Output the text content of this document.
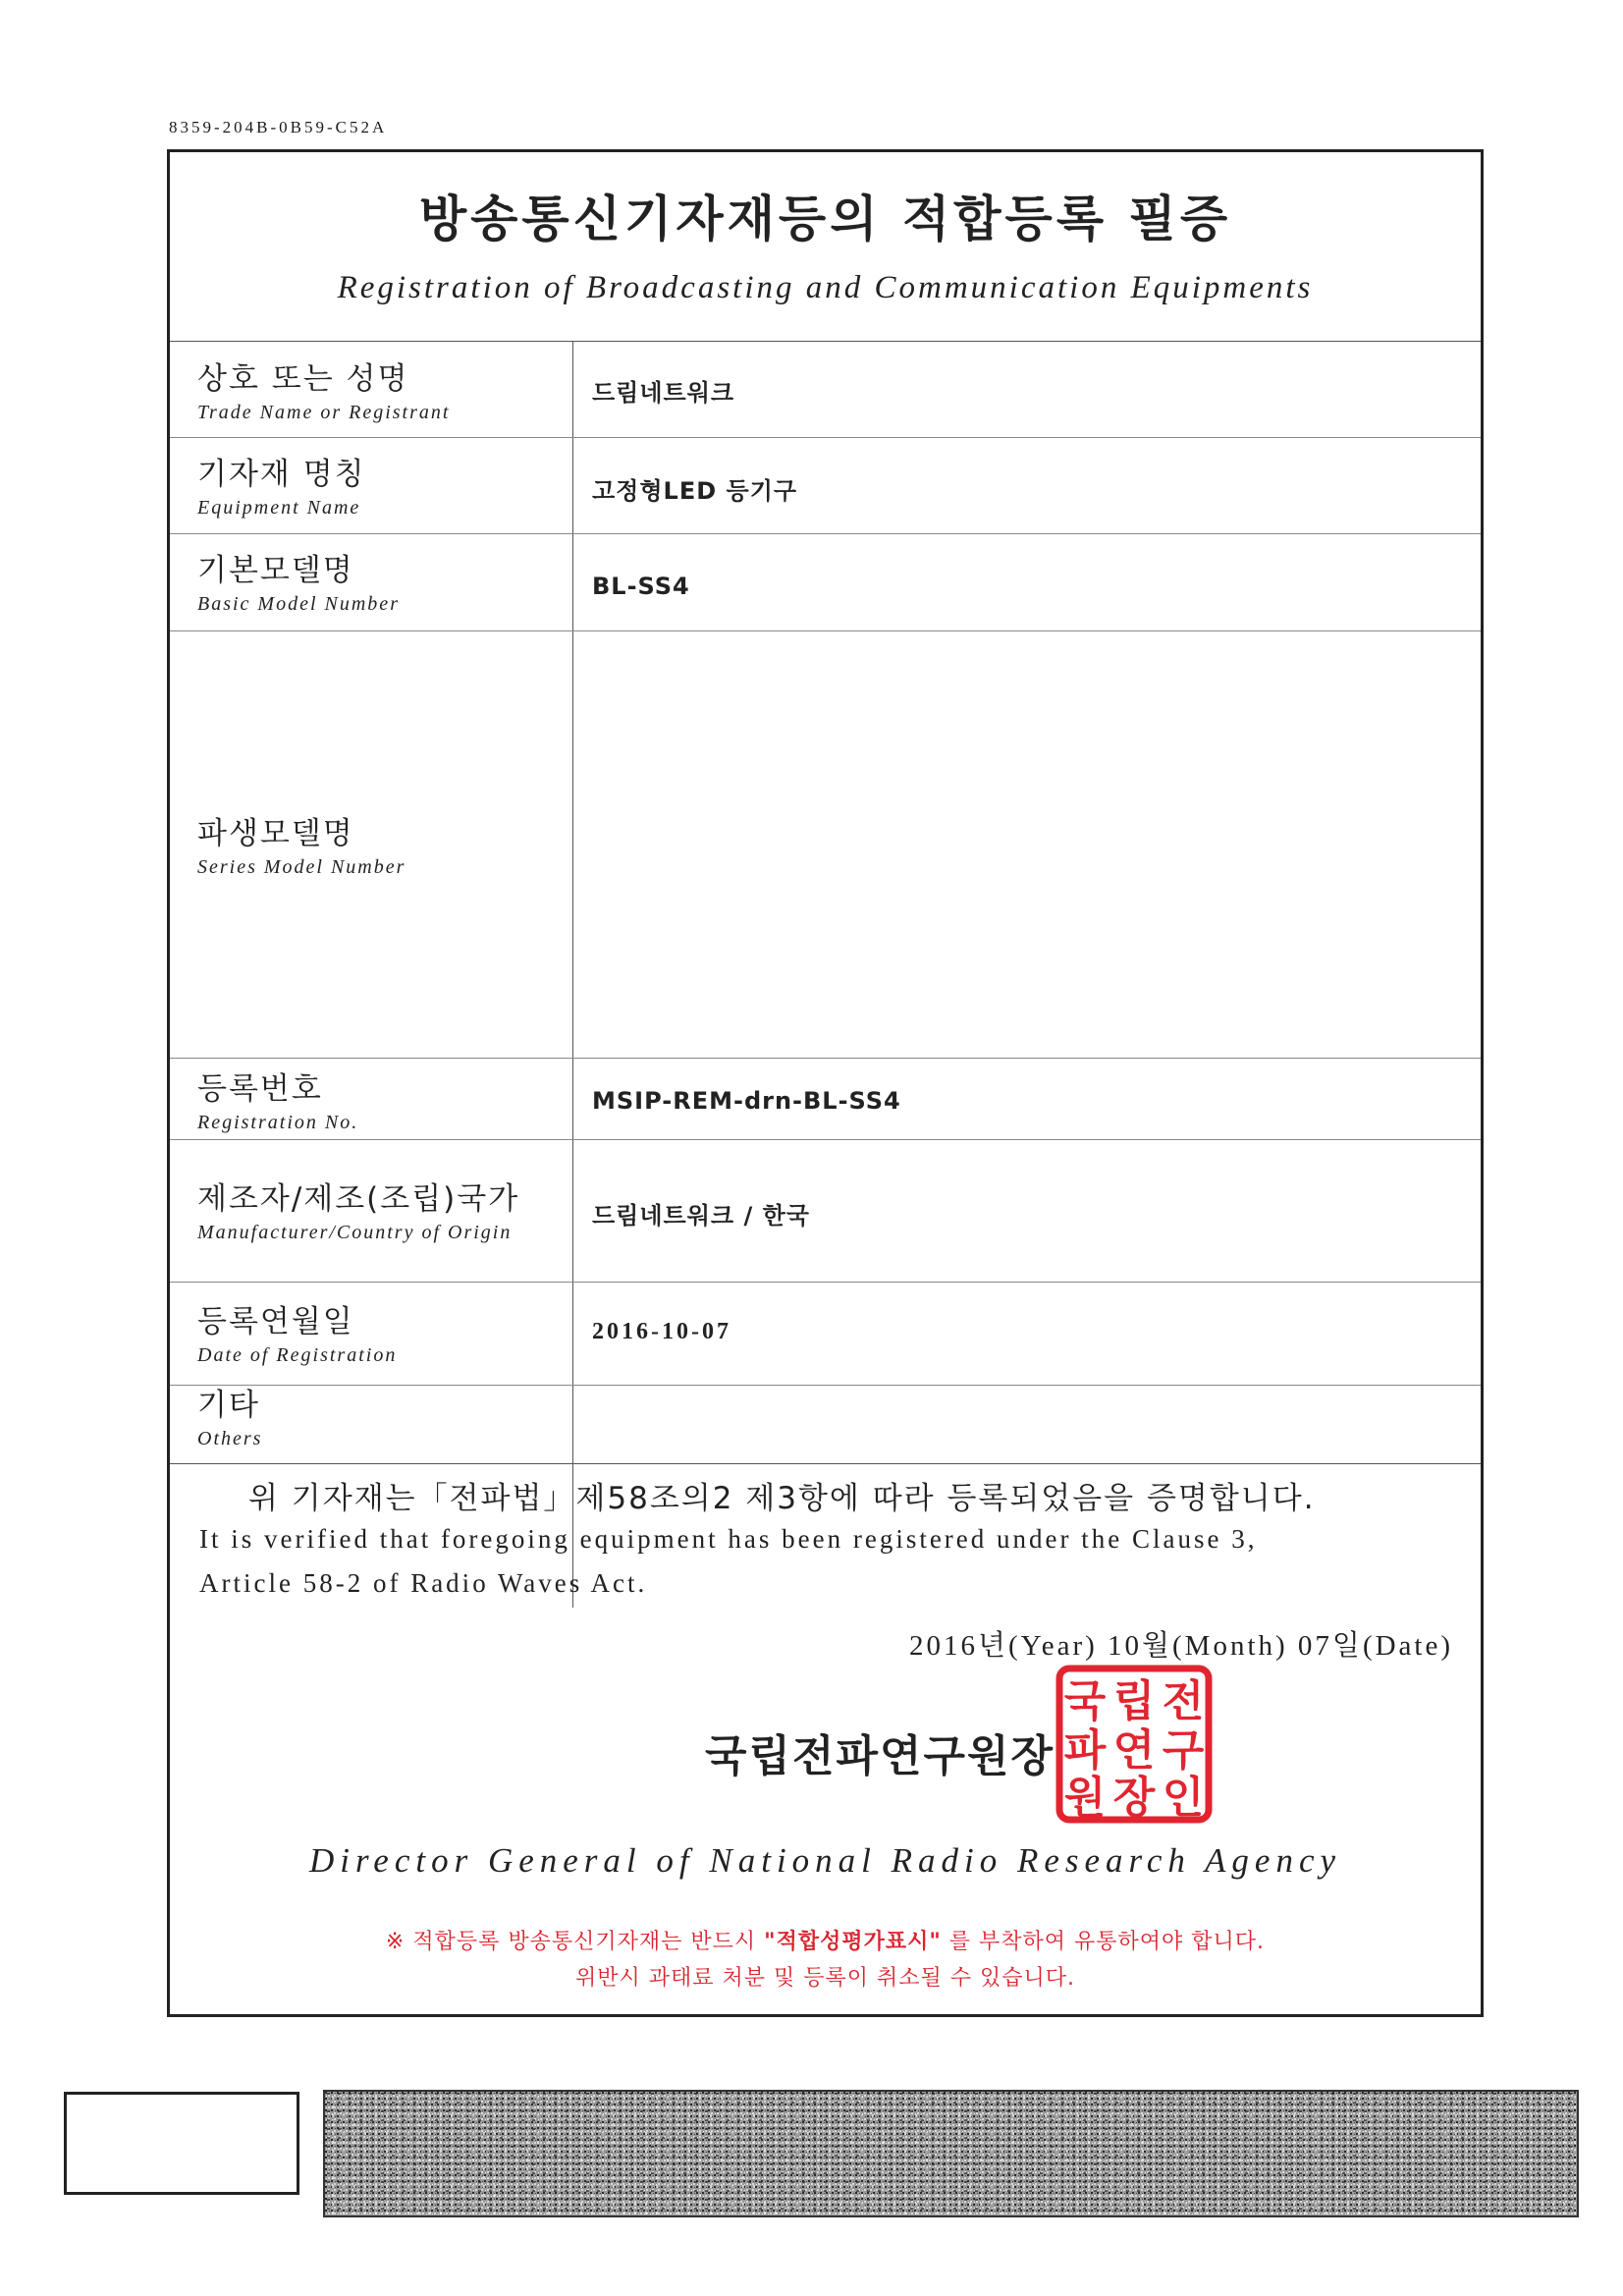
8359-204B-0B59-C52A
방송통신기자재등의 적합등록 필증
Registration of Broadcasting and Communication Equipments
상호 또는 성명
Trade Name or Registrant
드림네트워크
기자재 명칭
Equipment Name
고정형LED 등기구
기본모델명
Basic Model Number
BL-SS4
파생모델명
Series Model Number
등록번호
Registration No.
MSIP-REM-drn-BL-SS4
제조자/제조(조립)국가
Manufacturer/Country of Origin
드림네트워크 / 한국
등록연월일
Date of Registration
2016-10-07
기타
Others
위 기자재는「전파법」제58조의2 제3항에 따라 등록되었음을 증명합니다.
It is verified that foregoing equipment has been registered under the Clause 3,
Article 58-2 of Radio Waves Act.
2016년(Year) 10월(Month) 07일(Date)
국립전파연구원장
국 립 전
파 연 구
원 장 인
Director General of National Radio Research Agency
※ 적합등록 방송통신기자재는 반드시 "적합성평가표시" 를 부착하여 유통하여야 합니다.
위반시 과태료 처분 및 등록이 취소될 수 있습니다.
